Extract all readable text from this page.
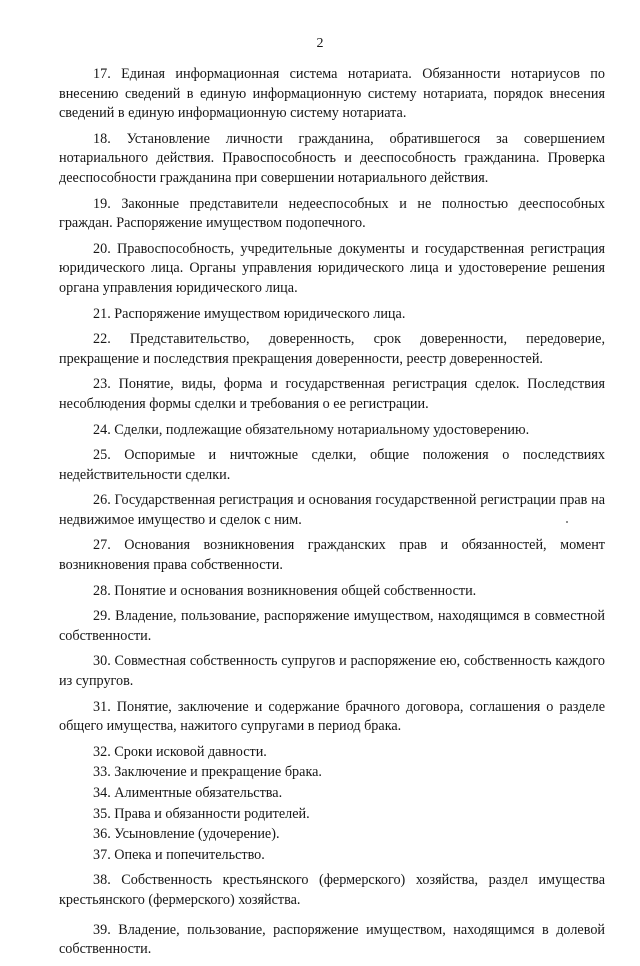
2

17. Единая информационная система нотариата. Обязанности нотариусов по внесению сведений в единую информационную систему нотариата, порядок внесения сведений в единую информационную систему нотариата.

18. Установление личности гражданина, обратившегося за совершением нотариального действия. Правоспособность и дееспособность гражданина. Проверка дееспособности гражданина при совершении нотариального действия.

19. Законные представители недееспособных и не полностью дееспособных граждан. Распоряжение имуществом подопечного.

20. Правоспособность, учредительные документы и государственная регистрация юридического лица. Органы управления юридического лица и удостоверение решения органа управления юридического лица.

21. Распоряжение имуществом юридического лица.

22. Представительство, доверенность, срок доверенности, передоверие, прекращение и последствия прекращения доверенности, реестр доверенностей.

23. Понятие, виды, форма и государственная регистрация сделок. Последствия несоблюдения формы сделки и требования о ее регистрации.

24. Сделки, подлежащие обязательному нотариальному удостоверению.

25. Оспоримые и ничтожные сделки, общие положения о последствиях недействительности сделки.

26. Государственная регистрация и основания государственной регистрации прав на недвижимое имущество и сделок с ним.

27. Основания возникновения гражданских прав и обязанностей, момент возникновения права собственности.

28. Понятие и основания возникновения общей собственности.

29. Владение, пользование, распоряжение имуществом, находящимся в совместной собственности.

30. Совместная собственность супругов и распоряжение ею, собственность каждого из супругов.

31. Понятие, заключение и содержание брачного договора, соглашения о разделе общего имущества, нажитого супругами в период брака.

32. Сроки исковой давности.

33. Заключение и прекращение брака.

34. Алиментные обязательства.

35. Права и обязанности родителей.

36. Усыновление (удочерение).

37. Опека и попечительство.

38. Собственность крестьянского (фермерского) хозяйства, раздел имущества крестьянского (фермерского) хозяйства.

39. Владение, пользование, распоряжение имуществом, находящимся в долевой собственности.
